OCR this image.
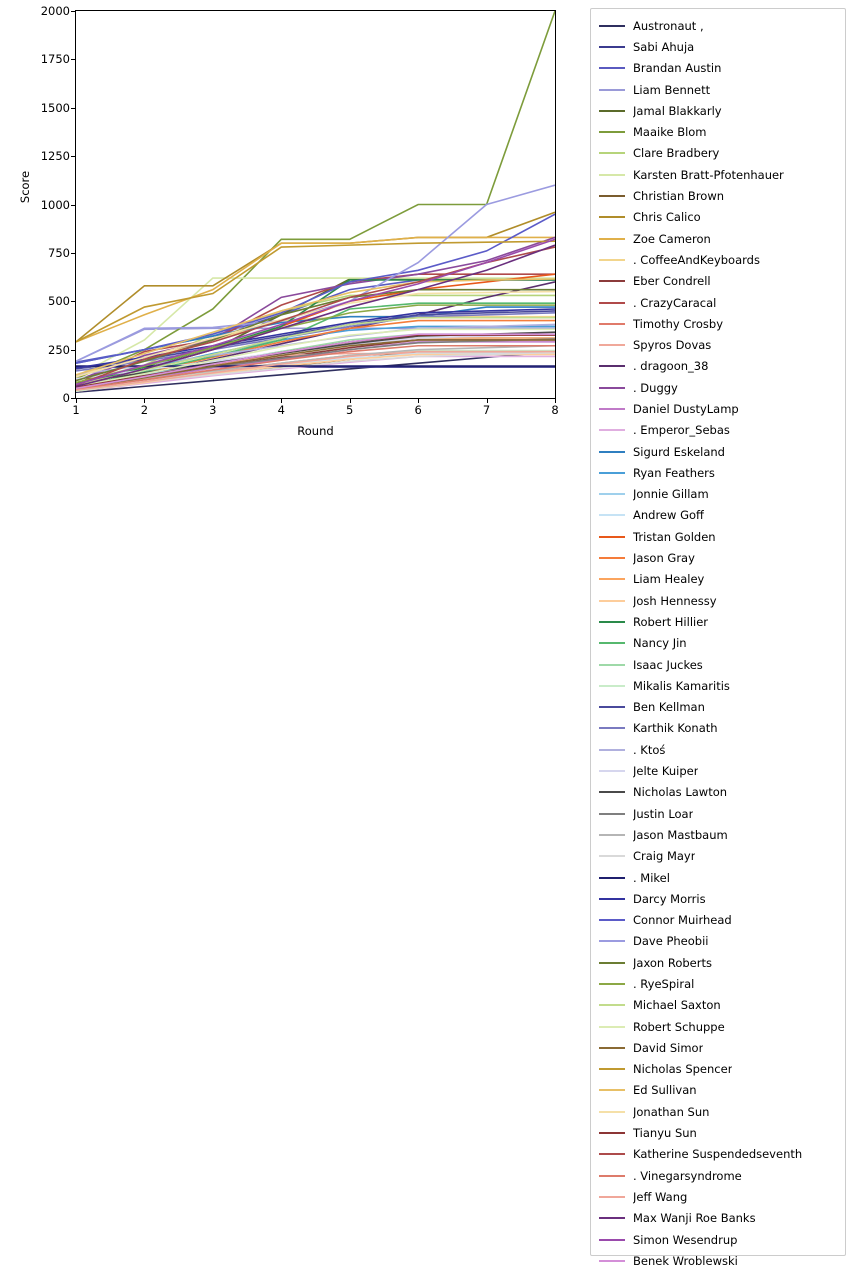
Score
Round
0
250
500
750
1000
1250
1500
1750
2000
1	2	3	4	5	6	7	8
Austronaut ,
Sabi Ahuja
Brandan Austin
Liam Bennett
Jamal Blakkarly
Maaike Blom
Clare Bradbery
Karsten Bratt-Pfotenhauer
Christian Brown
Chris Calico
Zoe Cameron
. CoffeeAndKeyboards
Eber Condrell
. CrazyCaracal
Timothy Crosby
Spyros Dovas
. dragoon_38
. Duggy
Daniel DustyLamp
. Emperor_Sebas
Sigurd Eskeland
Ryan Feathers
Jonnie Gillam
Andrew Goff
Tristan Golden
Jason Gray
Liam Healey
Josh Hennessy
Robert Hillier
Nancy Jin
Isaac Juckes
Mikalis Kamaritis
Ben Kellman
Karthik Konath
. Ktoś
Jelte Kuiper
Nicholas Lawton
Justin Loar
Jason Mastbaum
Craig Mayr
. Mikel
Darcy Morris
Connor Muirhead
Dave Pheobii
Jaxon Roberts
. RyeSpiral
Michael Saxton
Robert Schuppe
David Simor
Nicholas Spencer
Ed Sullivan
Jonathan Sun
Tianyu Sun
Katherine Suspendedseventh
. Vinegarsyndrome
Jeff Wang
Max Wanji Roe Banks
Simon Wesendrup
Benek Wroblewski
